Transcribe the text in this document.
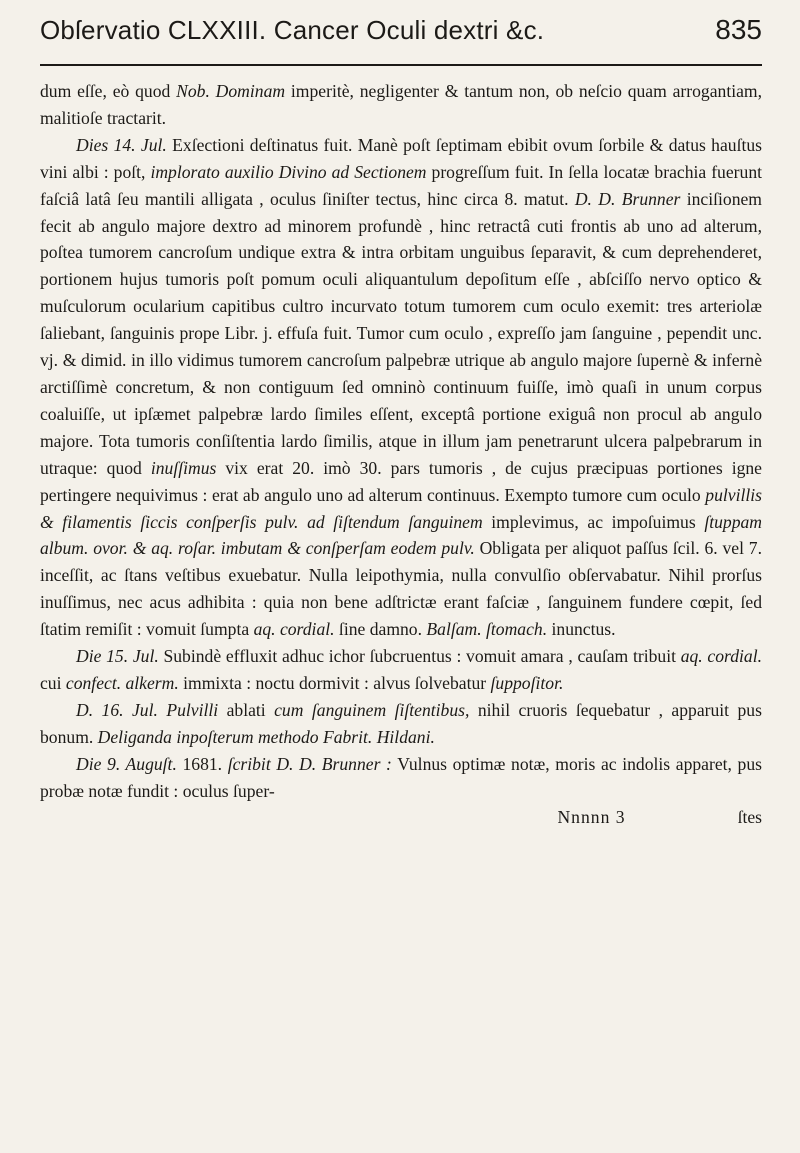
Obſervatio CLXXIII. Cancer Oculi dextri &c.	835

dum eſſe, eò quod Nob. Dominam imperitè, negligenter & tantum non, ob neſcio quam arrogantiam, malitioſe tractarit.

Dies 14. Jul. Exſectioni deſtinatus fuit. Manè poſt ſeptimam ebibit ovum ſorbile & datus hauſtus vini albi : poſt, implorato auxilio Divino ad Sectionem progreſſum fuit. In ſella locatæ brachia fuerunt faſciâ latâ ſeu mantili alligata , oculus ſiniſter tectus, hinc circa 8. matut. D. D. Brunner inciſionem fecit ab angulo majore dextro ad minorem profundè , hinc retractâ cuti frontis ab uno ad alterum, poſtea tumorem cancroſum undique extra & intra orbitam unguibus ſeparavit, & cum deprehenderet, portionem hujus tumoris poſt pomum oculi aliquantulum depoſitum eſſe , abſciſſo nervo optico & muſculorum ocularium capitibus cultro incurvato totum tumorem cum oculo exemit: tres arteriolæ ſaliebant, ſanguinis prope Libr. j. effuſa fuit. Tumor cum oculo , expreſſo jam ſanguine , pependit unc. vj. & dimid. in illo vidimus tumorem cancroſum palpebræ utrique ab angulo majore ſupernè & infernè arctiſſimè concretum, & non contiguum ſed omninò continuum fuiſſe, imò quaſi in unum corpus coaluiſſe, ut ipſæmet palpebræ lardo ſimiles eſſent, exceptâ portione exiguâ non procul ab angulo majore. Tota tumoris conſiſtentia lardo ſimilis, atque in illum jam penetrarunt ulcera palpebrarum in utraque: quod inuſſimus vix erat 20. imò 30. pars tumoris , de cujus præcipuas portiones igne pertingere nequivimus : erat ab angulo uno ad alterum continuus. Exempto tumore cum oculo pulvillis & filamentis ſiccis conſperſis pulv. ad ſiſtendum ſanguinem implevimus, ac impoſuimus ſtuppam album. ovor. & aq. roſar. imbutam & conſperſam eodem pulv. Obligata per aliquot paſſus ſcil. 6. vel 7. inceſſit, ac ſtans veſtibus exuebatur. Nulla leipothymia, nulla convulſio obſervabatur. Nihil prorſus inuſſimus, nec acus adhibita : quia non bene adſtrictæ erant faſciæ , ſanguinem fundere cœpit, ſed ſtatim remiſit : vomuit ſumpta aq. cordial. ſine damno. Balſam. ſtomach. inunctus.

Die 15. Jul. Subindè effluxit adhuc ichor ſubcruentus : vomuit amara , cauſam tribuit aq. cordial. cui confect. alkerm. immixta : noctu dormivit : alvus ſolvebatur ſuppoſitor.

D. 16. Jul. Pulvilli ablati cum ſanguinem ſiſtentibus, nihil cruoris ſequebatur , apparuit pus bonum. Deliganda inpoſterum methodo Fabrit. Hildani.

Die 9. Auguſt. 1681. ſcribit D. D. Brunner : Vulnus optimæ notæ, moris ac indolis apparet, pus probæ notæ fundit : oculus ſuper-

Nnnnn 3	ſtes
